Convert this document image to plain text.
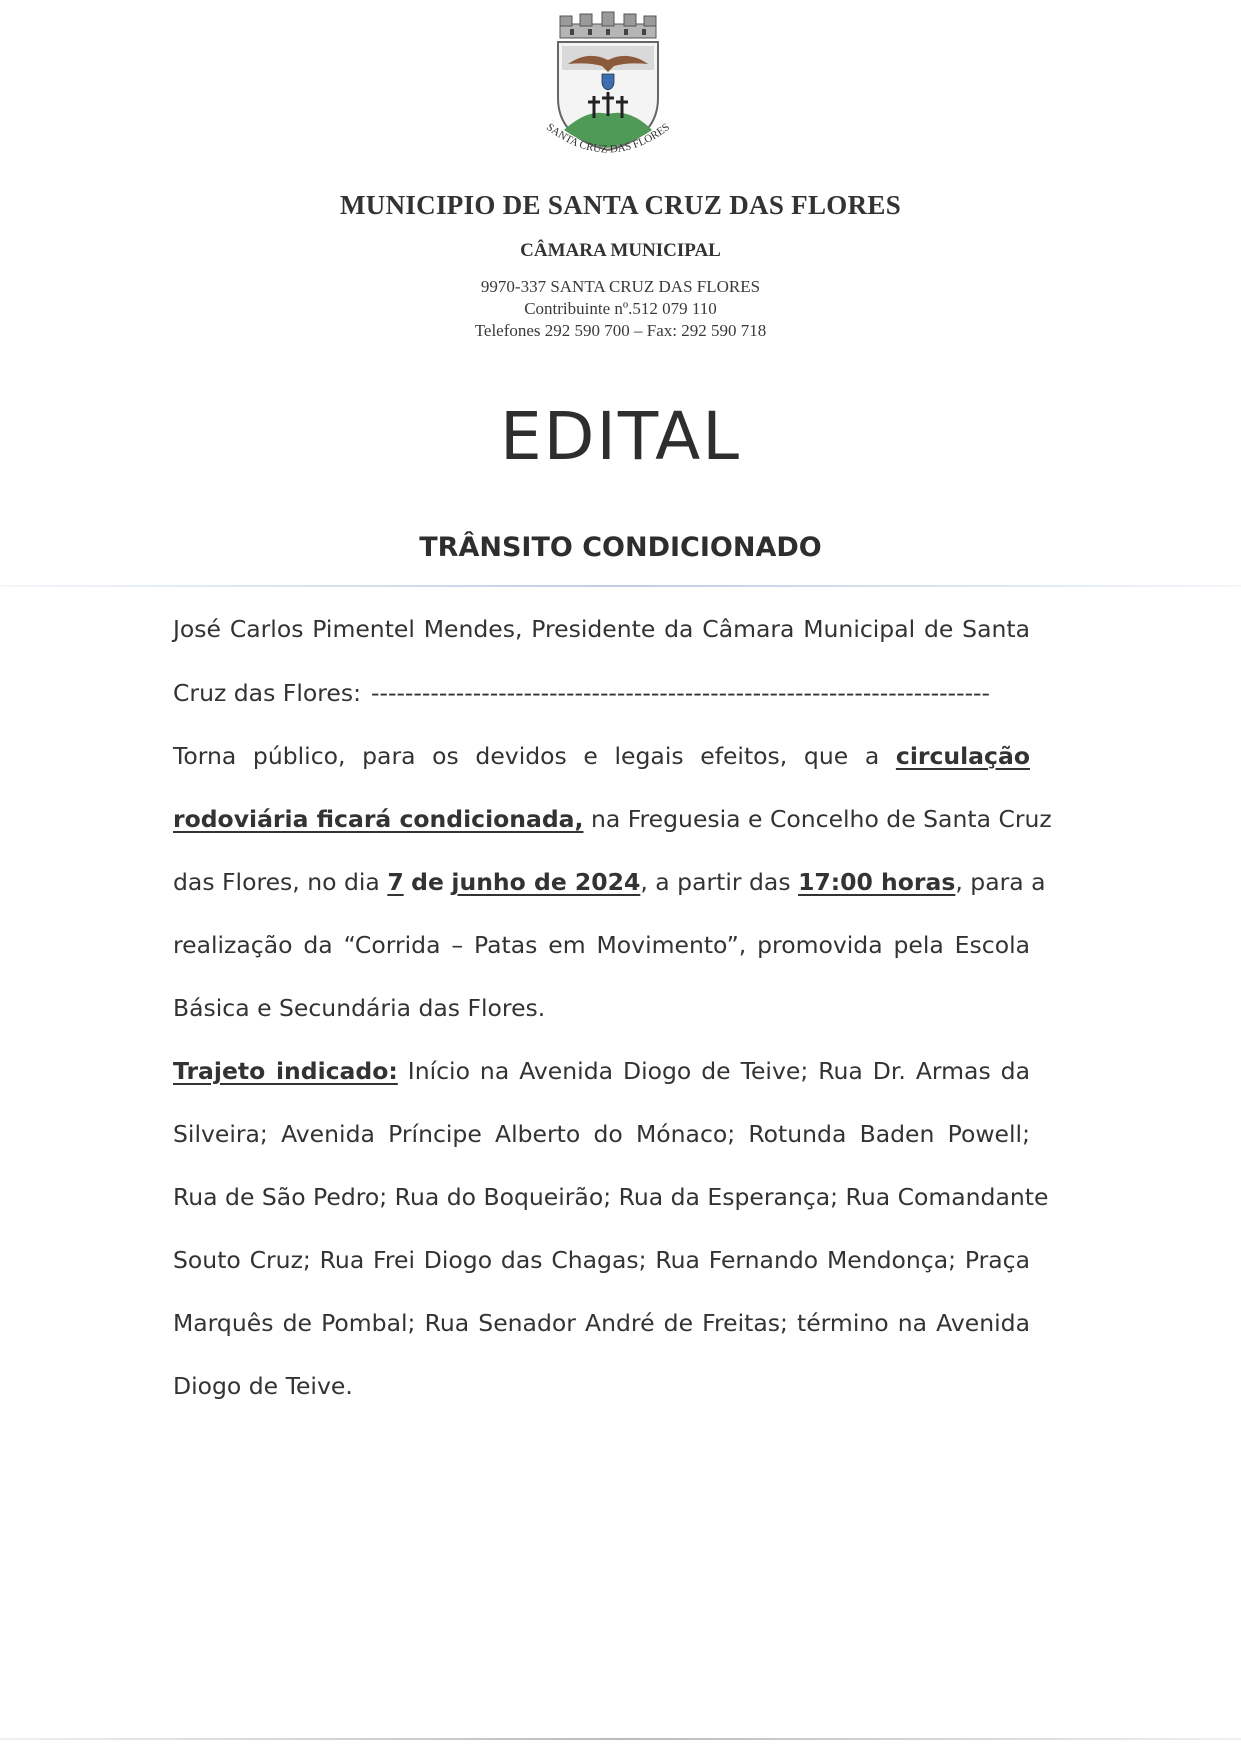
SANTA CRUZ DAS FLORES
MUNICIPIO DE SANTA CRUZ DAS FLORES
CÂMARA MUNICIPAL
9970-337 SANTA CRUZ DAS FLORES
Contribuinte nº.512 079 110
Telefones 292 590 700 – Fax: 292 590 718
EDITAL
TRÂNSITO CONDICIONADO
José Carlos Pimentel Mendes, Presidente da Câmara Municipal de Santa
Cruz das Flores: -------------------------------------------------------------------------
Torna público, para os devidos e legais efeitos, que a circulação
rodoviária ficará condicionada, na Freguesia e Concelho de Santa Cruz
das Flores, no dia 7 de junho de 2024, a partir das 17:00 horas, para a
realização da “Corrida – Patas em Movimento”, promovida pela Escola
Básica e Secundária das Flores.
Trajeto indicado: Início na Avenida Diogo de Teive; Rua Dr. Armas da
Silveira; Avenida Príncipe Alberto do Mónaco; Rotunda Baden Powell;
Rua de São Pedro; Rua do Boqueirão; Rua da Esperança; Rua Comandante
Souto Cruz; Rua Frei Diogo das Chagas; Rua Fernando Mendonça; Praça
Marquês de Pombal; Rua Senador André de Freitas; término na Avenida
Diogo de Teive.
